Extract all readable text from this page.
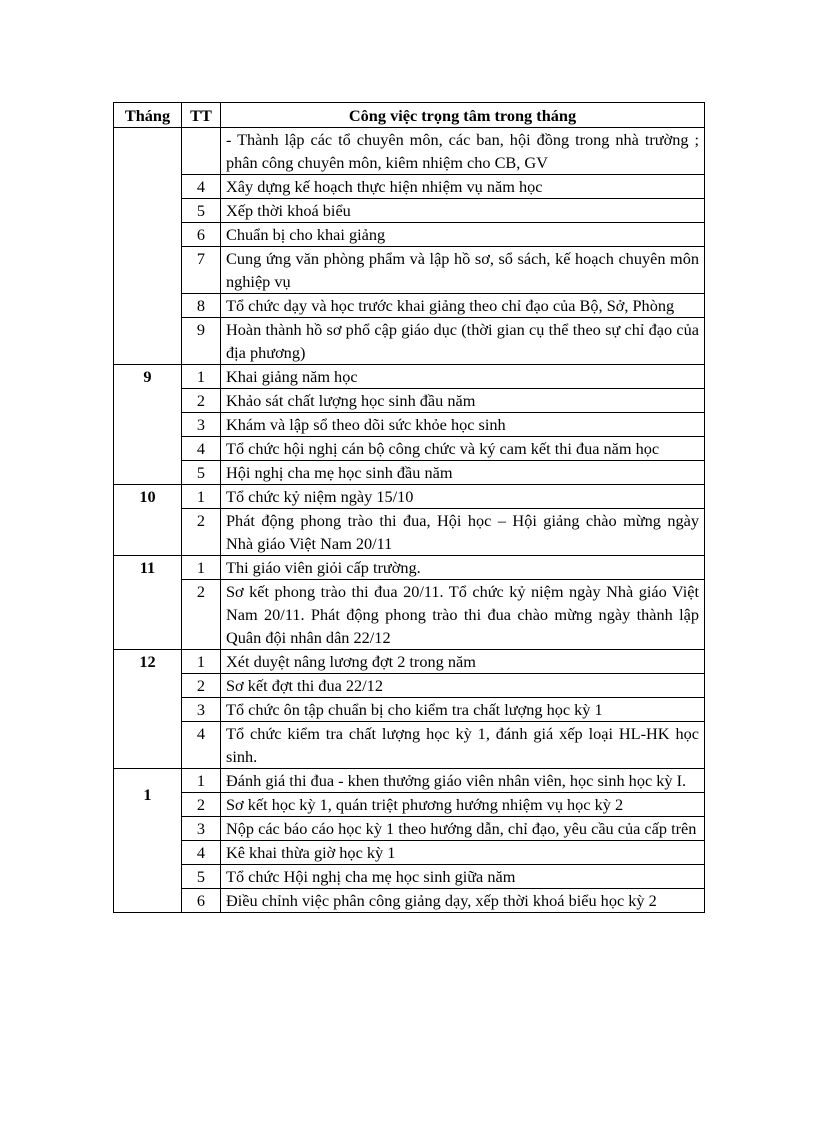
Tháng	TT	Công việc trọng tâm trong tháng
		- Thành lập các tổ chuyên môn, các ban, hội đồng trong nhà trường ; phân công chuyên môn, kiêm nhiệm cho CB, GV
	4	Xây dựng kế hoạch thực hiện nhiệm vụ năm học
	5	Xếp thời khoá biểu
	6	Chuẩn bị cho khai giảng
	7	Cung ứng văn phòng phẩm và lập hồ sơ, sổ sách, kế hoạch chuyên môn nghiệp vụ
	8	Tổ chức dạy và học trước khai giảng theo chỉ đạo của Bộ, Sở, Phòng
	9	Hoàn thành hồ sơ phổ cập giáo dục (thời gian cụ thể theo sự chỉ đạo của địa phương)
9	1	Khai giảng năm học
	2	Khảo sát chất lượng học sinh đầu năm
	3	Khám và lập sổ theo dõi sức khỏe học sinh
	4	Tổ chức hội nghị cán bộ công chức và ký cam kết thi đua năm học
	5	Hội nghị cha mẹ học sinh đầu năm
10	1	Tổ chức kỷ niệm ngày 15/10
	2	Phát động phong trào thi đua, Hội học – Hội giảng chào mừng ngày Nhà giáo Việt Nam 20/11
11	1	Thi giáo viên giỏi cấp trường.
	2	Sơ kết phong trào thi đua 20/11. Tổ chức kỷ niệm ngày Nhà giáo Việt Nam 20/11. Phát động phong trào thi đua chào mừng ngày thành lập Quân đội nhân dân 22/12
12	1	Xét duyệt nâng lương đợt 2 trong năm
	2	Sơ kết đợt thi đua 22/12
	3	Tổ chức ôn tập chuẩn bị cho kiểm tra chất lượng học kỳ 1
	4	Tổ chức kiểm tra chất lượng học kỳ 1, đánh giá xếp loại HL-HK học sinh.
1	1	Đánh giá thi đua - khen thưởng giáo viên nhân viên, học sinh học kỳ I.
	2	Sơ kết học kỳ 1, quán triệt phương hướng nhiệm vụ học kỳ 2
	3	Nộp các báo cáo học kỳ 1 theo hướng dẫn, chỉ đạo, yêu cầu của cấp trên
	4	Kê khai thừa giờ học kỳ 1
	5	Tổ chức Hội nghị cha mẹ học sinh giữa năm
	6	Điều chỉnh việc phân công giảng dạy, xếp thời khoá biểu học kỳ 2
